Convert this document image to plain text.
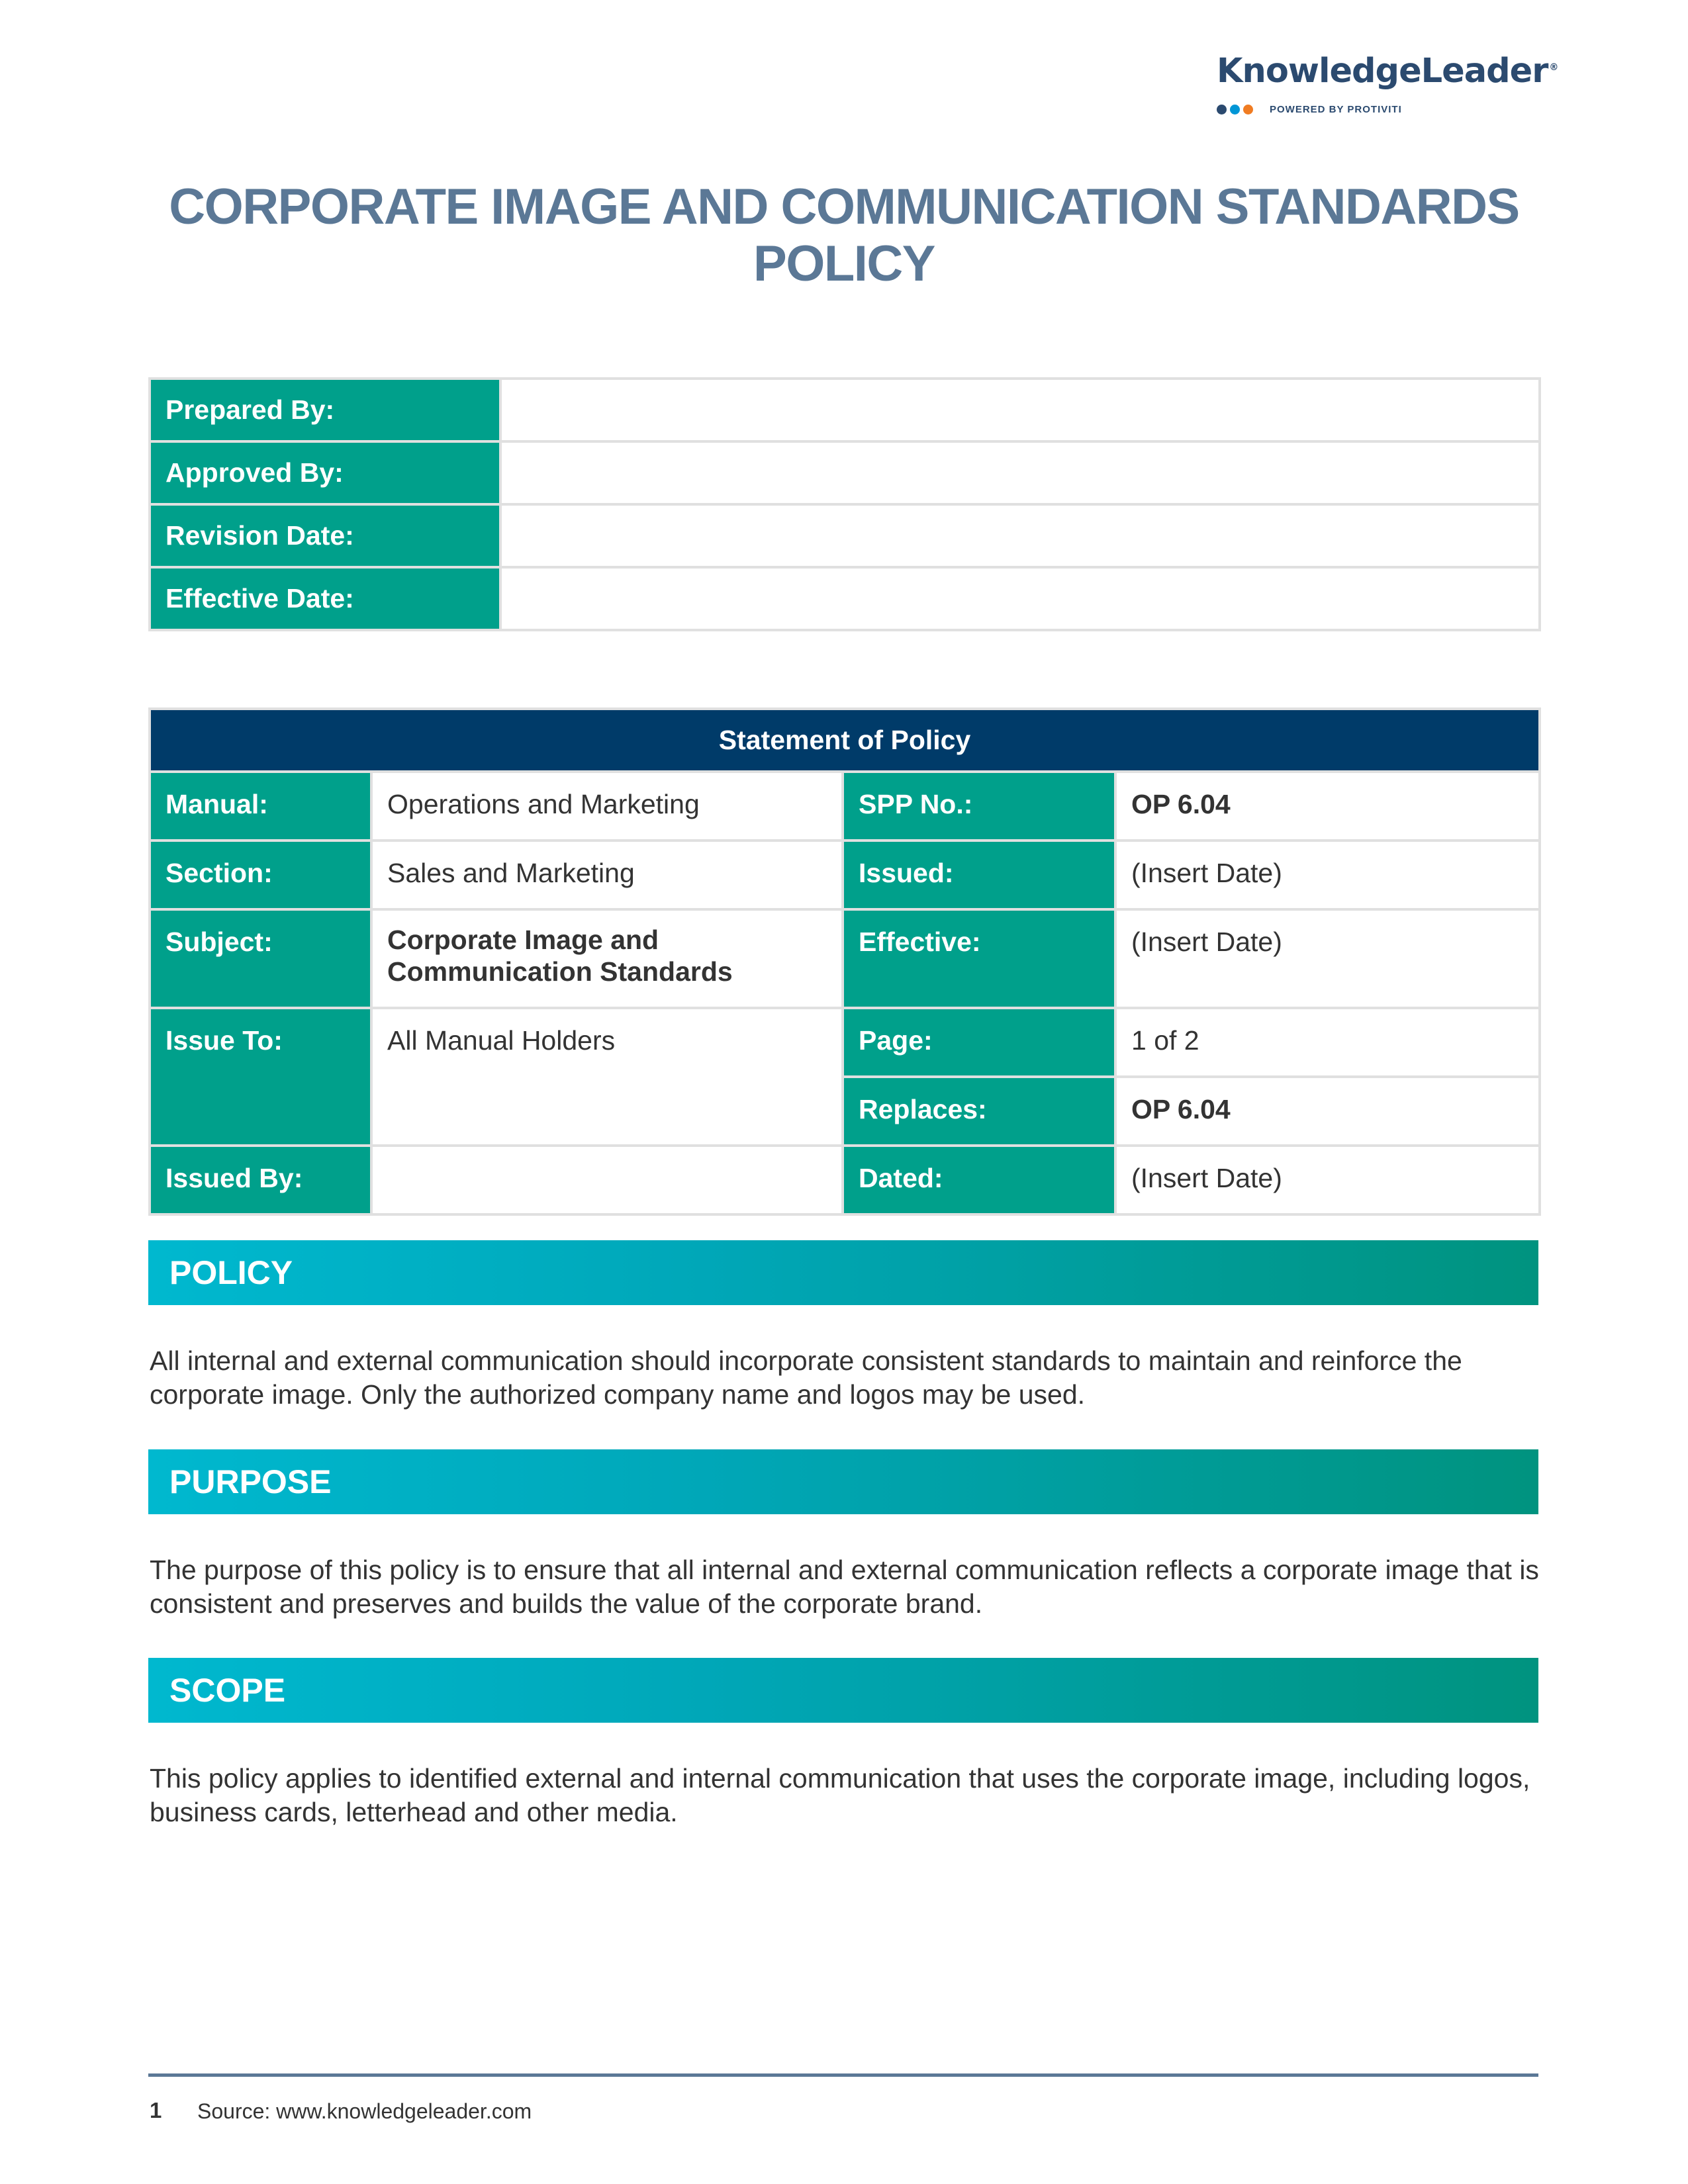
KnowledgeLeader ®
POWERED BY PROTIVITI
CORPORATE IMAGE AND COMMUNICATION STANDARDS POLICY
Prepared By:	
Approved By:	
Revision Date:	
Effective Date:	
Statement of Policy			
Manual:	Operations and Marketing	SPP No.:	OP 6.04
Section:	Sales and Marketing	Issued:	(Insert Date)
Subject:	Corporate Image and Communication Standards	Effective:	(Insert Date)
Issue To:	All Manual Holders	Page:	1 of 2
		Replaces:	OP 6.04
Issued By:		Dated:	(Insert Date)
POLICY
All internal and external communication should incorporate consistent standards to maintain and reinforce the corporate image. Only the authorized company name and logos may be used.
PURPOSE
The purpose of this policy is to ensure that all internal and external communication reflects a corporate image that is consistent and preserves and builds the value of the corporate brand.
SCOPE
This policy applies to identified external and internal communication that uses the corporate image, including logos, business cards, letterhead and other media.
1 Source: www.knowledgeleader.com
